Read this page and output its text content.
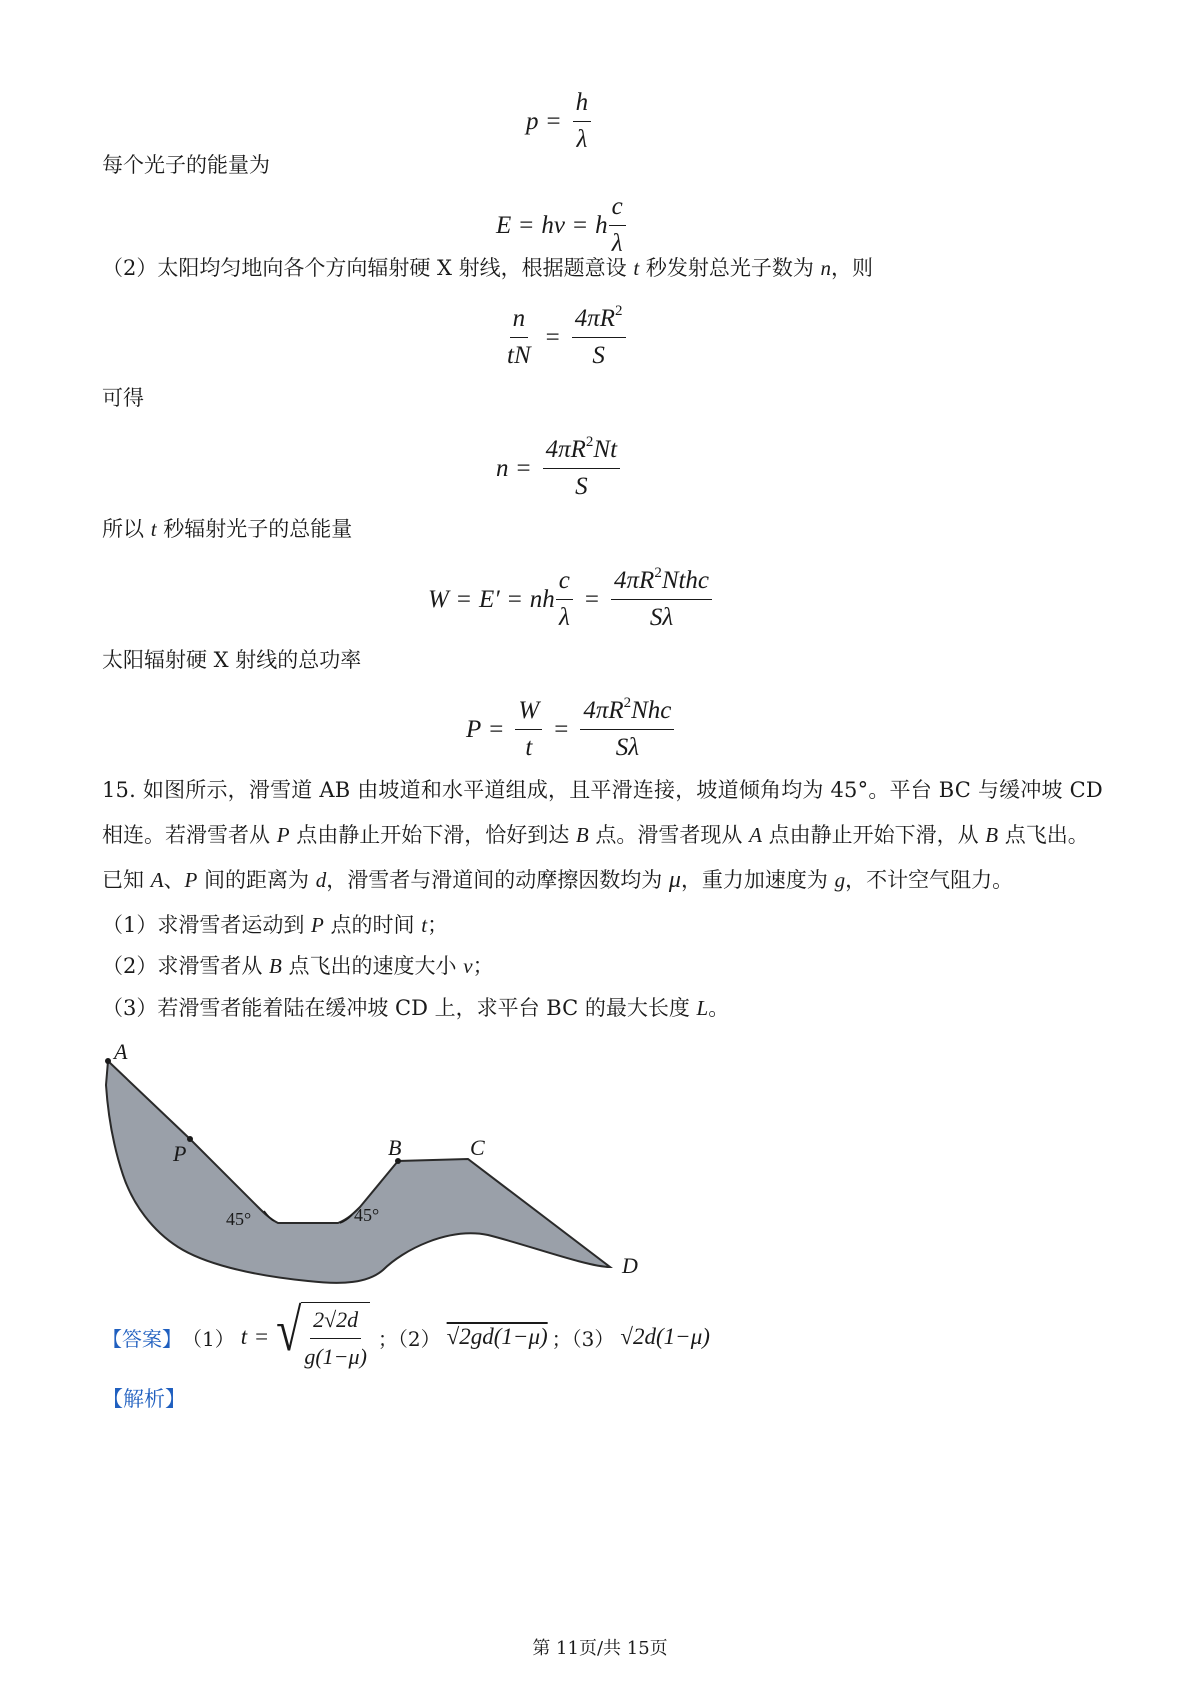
$p = \frac{h}{\lambda}$
每个光子的能量为
E = hν = h $\frac{c}{\lambda}$
（2）太阳均匀地向各个方向辐射硬 X 射线，根据题意设 t 秒发射总光子数为 n，则
$\frac{n}{tN} = \frac{4\pi R^2}{S}$
可得
$n = \frac{4\pi R^2Nt}{S}$
所以 t 秒辐射光子的总能量
W = E′ = nh $\frac{c}{\lambda} = \frac{4\pi R^2Nthc}{S\lambda}$
太阳辐射硬 X 射线的总功率
$P = \frac{W}{t} = \frac{4\pi R^2Nhc}{S\lambda}$
15. 如图所示，滑雪道 AB 由坡道和水平道组成，且平滑连接，坡道倾角均为 45°。平台 BC 与缓冲坡 CD
相连。若滑雪者从 P 点由静止开始下滑，恰好到达 B 点。滑雪者现从 A 点由静止开始下滑，从 B 点飞出。
已知 A、P 间的距离为 d，滑雪者与滑道间的动摩擦因数均为 μ，重力加速度为 g，不计空气阻力。
（1）求滑雪者运动到 P 点的时间 t；
（2）求滑雪者从 B 点飞出的速度大小 v；
（3）若滑雪者能着陆在缓冲坡 CD 上，求平台 BC 的最大长度 L。
A
P	B	C
D
45°	45°
【答案】 （1） t = √ $\frac{2√2d}{g(1-\mu)}$ ；（2） √2gd(1−μ) ；（3） √2d(1−μ)
【解析】
第 11页/共 15页
